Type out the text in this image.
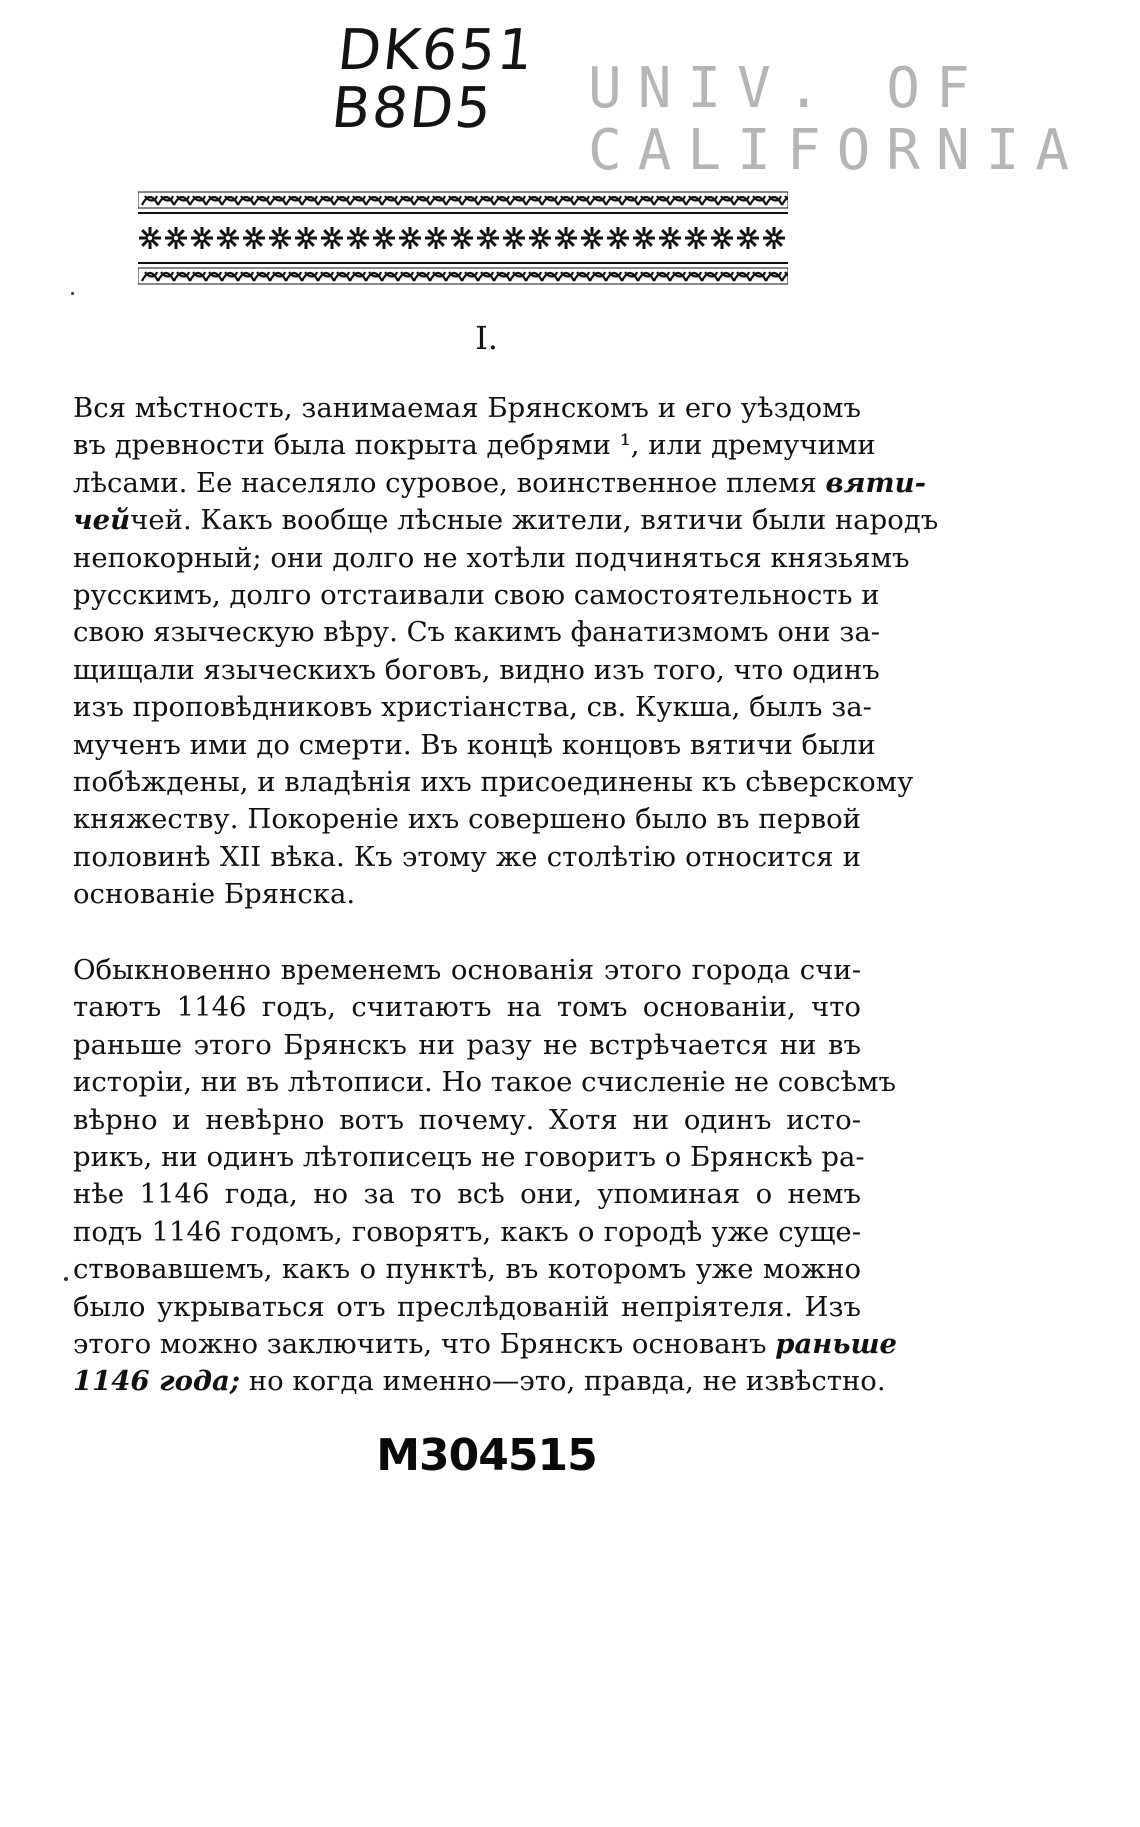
DK651
B8D5	UNIV. OF
CALIFORNIA
I.
Вся мѣстность, занимаемая Брянскомъ и его уѣздомъ
въ древности была покрыта дебрями ¹, или дремучими
лѣсами. Ее населяло суровое, воинственное племя вяти-
чейчей. Какъ вообще лѣсные жители, вятичи были народъ
непокорный; они долго не хотѣли подчиняться князьямъ
русскимъ, долго отстаивали свою самостоятельность и
свою языческую вѣру. Съ какимъ фанатизмомъ они за-
щищали языческихъ боговъ, видно изъ того, что одинъ
изъ проповѣдниковъ христіанства, св. Кукша, былъ за-
мученъ ими до смерти. Въ концѣ концовъ вятичи были
побѣждены, и владѣнія ихъ присоединены къ сѣверскому
княжеству. Покореніе ихъ совершено было въ первой
половинѣ XII вѣка. Къ этому же столѣтію относится и
основаніе Брянска.
Обыкновенно временемъ основанія этого города счи-
таютъ 1146 годъ, считаютъ на томъ основаніи, что
раньше этого Брянскъ ни разу не встрѣчается ни въ
исторіи, ни въ лѣтописи. Но такое счисленіе не совсѣмъ
вѣрно и невѣрно вотъ почему. Хотя ни одинъ исто-
рикъ, ни одинъ лѣтописецъ не говоритъ о Брянскѣ ра-
нѣе 1146 года, но за то всѣ они, упоминая о немъ
подъ 1146 годомъ, говорятъ, какъ о городѣ уже суще-
ствовавшемъ, какъ о пунктѣ, въ которомъ уже можно
было укрываться отъ преслѣдованій непріятеля. Изъ
этого можно заключить, что Брянскъ основанъ раньше
1146 года; но когда именно—это, правда, не извѣстно.
M304515
